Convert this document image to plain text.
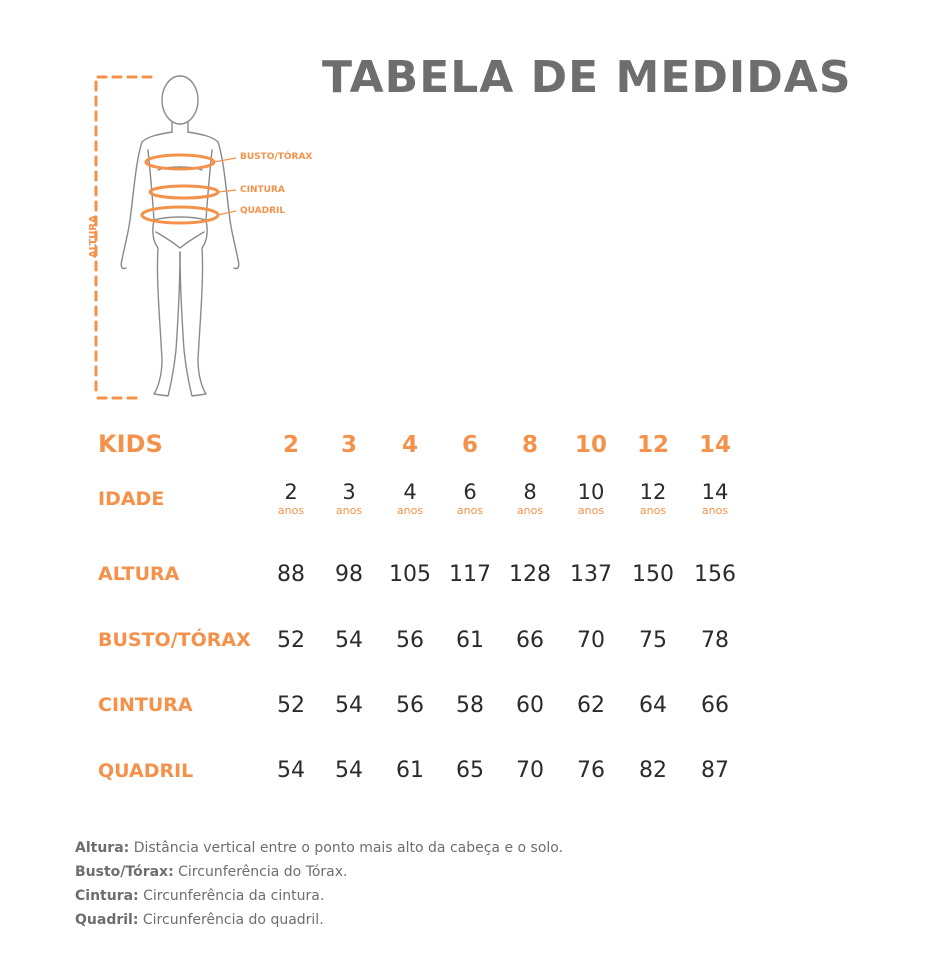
TABELA DE MEDIDAS
ALTURA
BUSTO/TÓRAX
CINTURA
QUADRIL
KIDS	2	3	4	6	8	10	12	14
IDADE	2	3	4	6	8	10	12	14
anos	anos	anos	anos	anos	anos	anos	anos
ALTURA	88	98	105 117 128 137 150 156
BUSTO/TÓRAX	52	54	56	61	66	70	75	78
CINTURA	52	54	56	58	60	62	64	66
QUADRIL	54	54	61	65	70	76	82	87
Altura: Distância vertical entre o ponto mais alto da cabeça e o solo.
Busto/Tórax: Circunferência do Tórax.
Cintura: Circunferência da cintura.
Quadril: Circunferência do quadril.
